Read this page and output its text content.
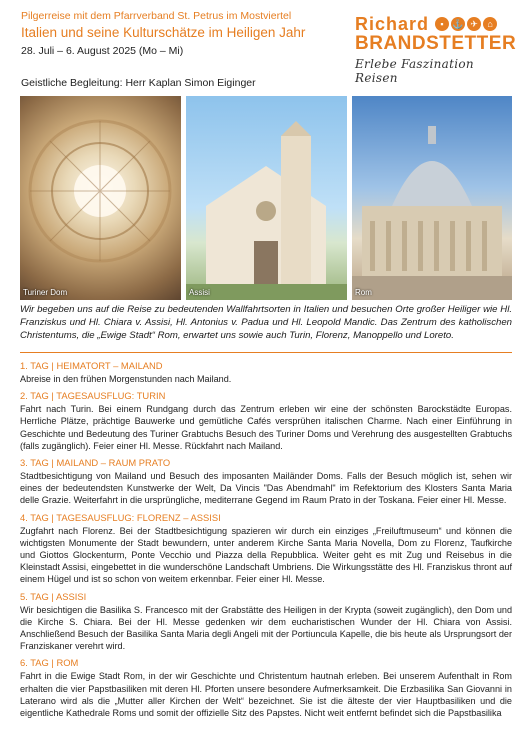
Pilgerreise mit dem Pfarrverband St. Petrus im Mostviertel
Italien und seine Kulturschätze im Heiligen Jahr
28. Juli – 6. August 2025 (Mo – Mi)
Geistliche Begleitung: Herr Kaplan Simon Eiginger
Richard	▪ ⚓ ✈	⌂
BRANDSTETTER
Erlebe Faszination Reisen
Turiner Dom	Assisi	Rom
Wir begeben uns auf die Reise zu bedeutenden Wallfahrtsorten in Italien und besuchen Orte großer Heiliger wie Hl. Franziskus und Hl. Chiara v. Assisi, Hl. Antonius v. Padua und Hl. Leopold Mandic. Das Zentrum des katholischen Christentums, die „Ewige Stadt“ Rom, erwartet uns sowie auch Turin, Florenz, Manoppello und Loreto.
1. TAG | HEIMATORT – MAILAND
Abreise in den frühen Morgenstunden nach Mailand.
2. TAG | TAGESAUSFLUG: TURIN
Fahrt nach Turin. Bei einem Rundgang durch das Zentrum erleben wir eine der schönsten Barockstädte Europas. Herrliche Plätze, prächtige Bauwerke und gemütliche Cafés versprühen italischen Charme. Nach einer Einführung in Geschichte und Bedeutung des Turiner Grabtuchs Besuch des Turiner Doms und Verehrung des ausgestellten Grabtuchs (falls zugänglich). Feier einer Hl. Messe. Rückfahrt nach Mailand.
3. TAG | MAILAND – RAUM PRATO
Stadtbesichtigung von Mailand und Besuch des imposanten Mailänder Doms. Falls der Besuch möglich ist, sehen wir eines der bedeutendsten Kunstwerke der Welt, Da Vincis "Das Abendmahl" im Refektorium des Klosters Santa Maria delle Grazie. Weiterfahrt in die ursprüngliche, mediterrane Gegend im Raum Prato in der Toskana. Feier einer Hl. Messe.
4. TAG | TAGESAUSFLUG: FLORENZ – ASSISI
Zugfahrt nach Florenz. Bei der Stadtbesichtigung spazieren wir durch ein einziges „Freiluftmuseum“ und können die wichtigsten Monumente der Stadt bewundern, unter anderem Kirche Santa Maria Novella, Dom zu Florenz, Taufkirche und Giottos Glockenturm, Ponte Vecchio und Piazza della Repubblica. Weiter geht es mit Zug und Reisebus in die Kleinstadt Assisi, eingebettet in die wunderschöne Landschaft Umbriens. Die Wirkungsstätte des Hl. Franziskus thront auf einem Hügel und ist so schon von weitem erkennbar. Feier einer Hl. Messe.
5. TAG | ASSISI
Wir besichtigen die Basilika S. Francesco mit der Grabstätte des Heiligen in der Krypta (soweit zugänglich), den Dom und die Kirche S. Chiara. Bei der Hl. Messe gedenken wir dem eucharistischen Wunder der Hl. Chiara von Assisi. Anschließend Besuch der Basilika Santa Maria degli Angeli mit der Portiuncula Kapelle, die bis heute als Ursprungsort der Franziskaner verehrt wird.
6. TAG | ROM
Fahrt in die Ewige Stadt Rom, in der wir Geschichte und Christentum hautnah erleben. Bei unserem Aufenthalt in Rom erhalten die vier Papstbasiliken mit deren Hl. Pforten unsere besondere Aufmerksamkeit. Die Erzbasilika San Giovanni in Laterano wird als die „Mutter aller Kirchen der Welt“ bezeichnet. Sie ist die älteste der vier Hauptbasiliken und die eigentliche Kathedrale Roms und somit der offizielle Sitz des Papstes. Nicht weit entfernt befindet sich die Papstbasilika
